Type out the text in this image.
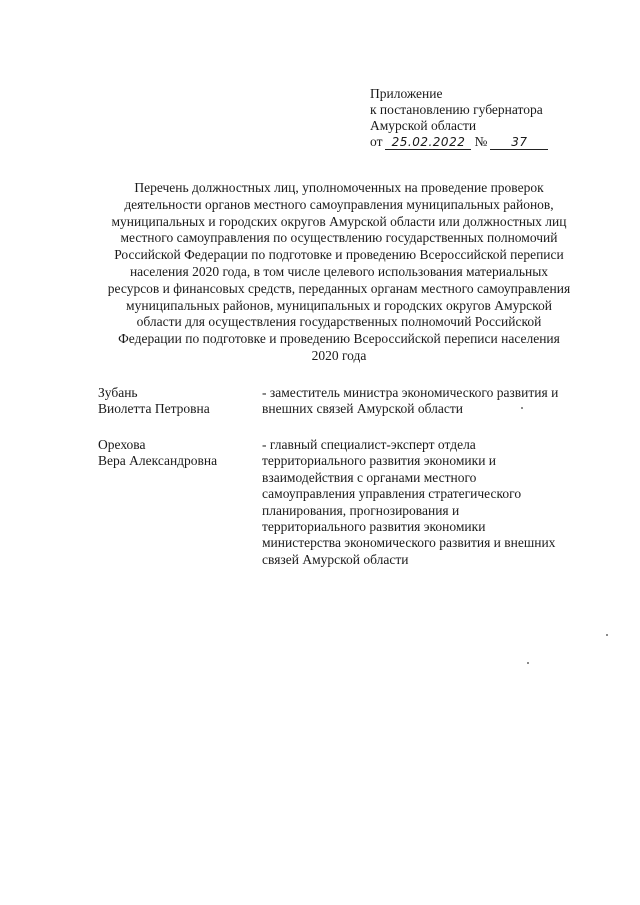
Приложение
к постановлению губернатора
Амурской области
от 25.02.2022 №	37
Перечень должностных лиц, уполномоченных на проведение проверок
деятельности органов местного самоуправления муниципальных районов,
муниципальных и городских округов Амурской области или должностных лиц
местного самоуправления по осуществлению государственных полномочий
Российской Федерации по подготовке и проведению Всероссийской переписи
населения 2020 года, в том числе целевого использования материальных
ресурсов и финансовых средств, переданных органам местного самоуправления
муниципальных районов, муниципальных и городских округов Амурской
области для осуществления государственных полномочий Российской
Федерации по подготовке и проведению Всероссийской переписи населения
2020 года
Зубань
Виолетта Петровна
- заместитель министра экономического развития и
внешних связей Амурской области
Орехова
Вера Александровна
- главный специалист-эксперт отдела
территориального развития экономики и
взаимодействия с органами местного
самоуправления управления стратегического
планирования, прогнозирования и
территориального развития экономики
министерства экономического развития и внешних
связей Амурской области
